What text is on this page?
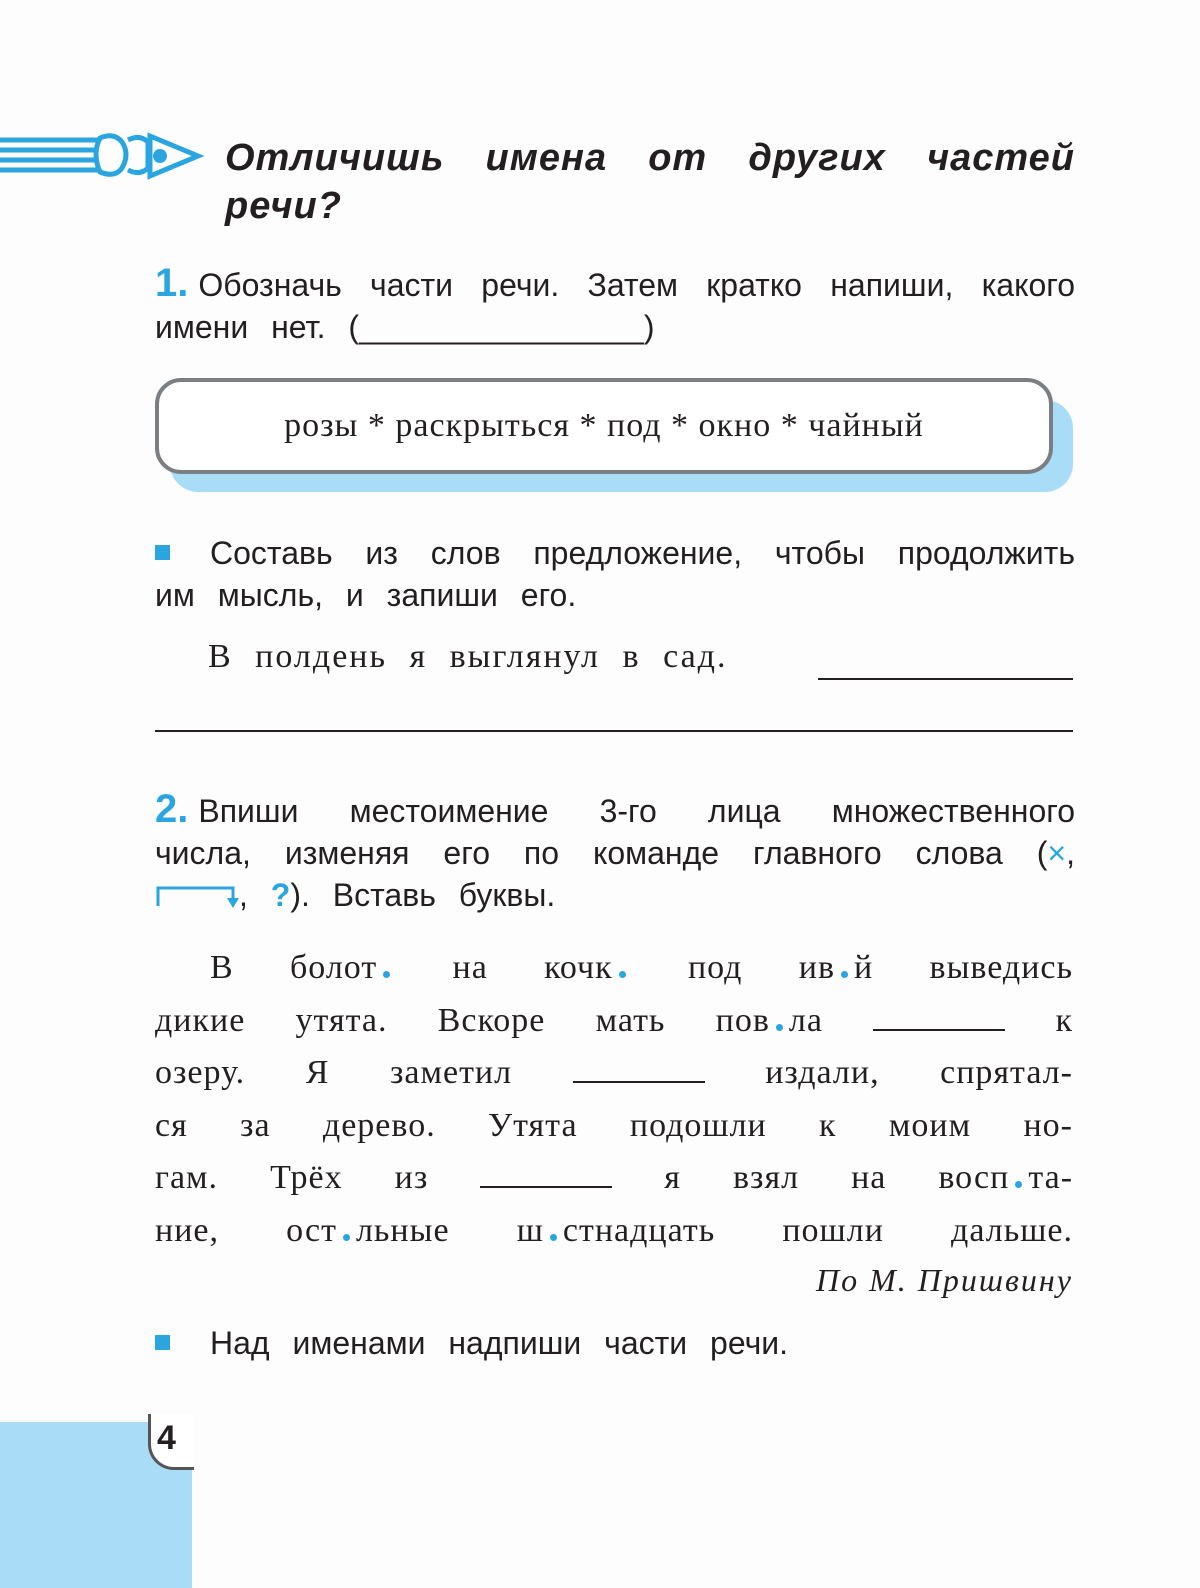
Отличишь имена от других частей речи?
1. Обозначь части речи. Затем кратко напиши, какого имени нет. (________________)
розы * раскрыться * под * окно * чайный
Составь из слов предложение, чтобы продолжить им мысль, и запиши его.
В полдень я выглянул в сад.
2. Впиши местоимение 3-го лица множественного числа, изменяя его по команде главного слова (×, , ?). Вставь буквы.

В болот на кочк под ив й выведись

дикие утята. Вскоре мать пов ла	к

озеру. Я заметил	издали, спрятал-

ся за дерево. Утята подошли к моим но-

гам. Трёх из	я взял на восп та-

ние, ост льные ш стнадцать пошли дальше.

По М. Пришвину
Над именами надпиши части речи.
4
